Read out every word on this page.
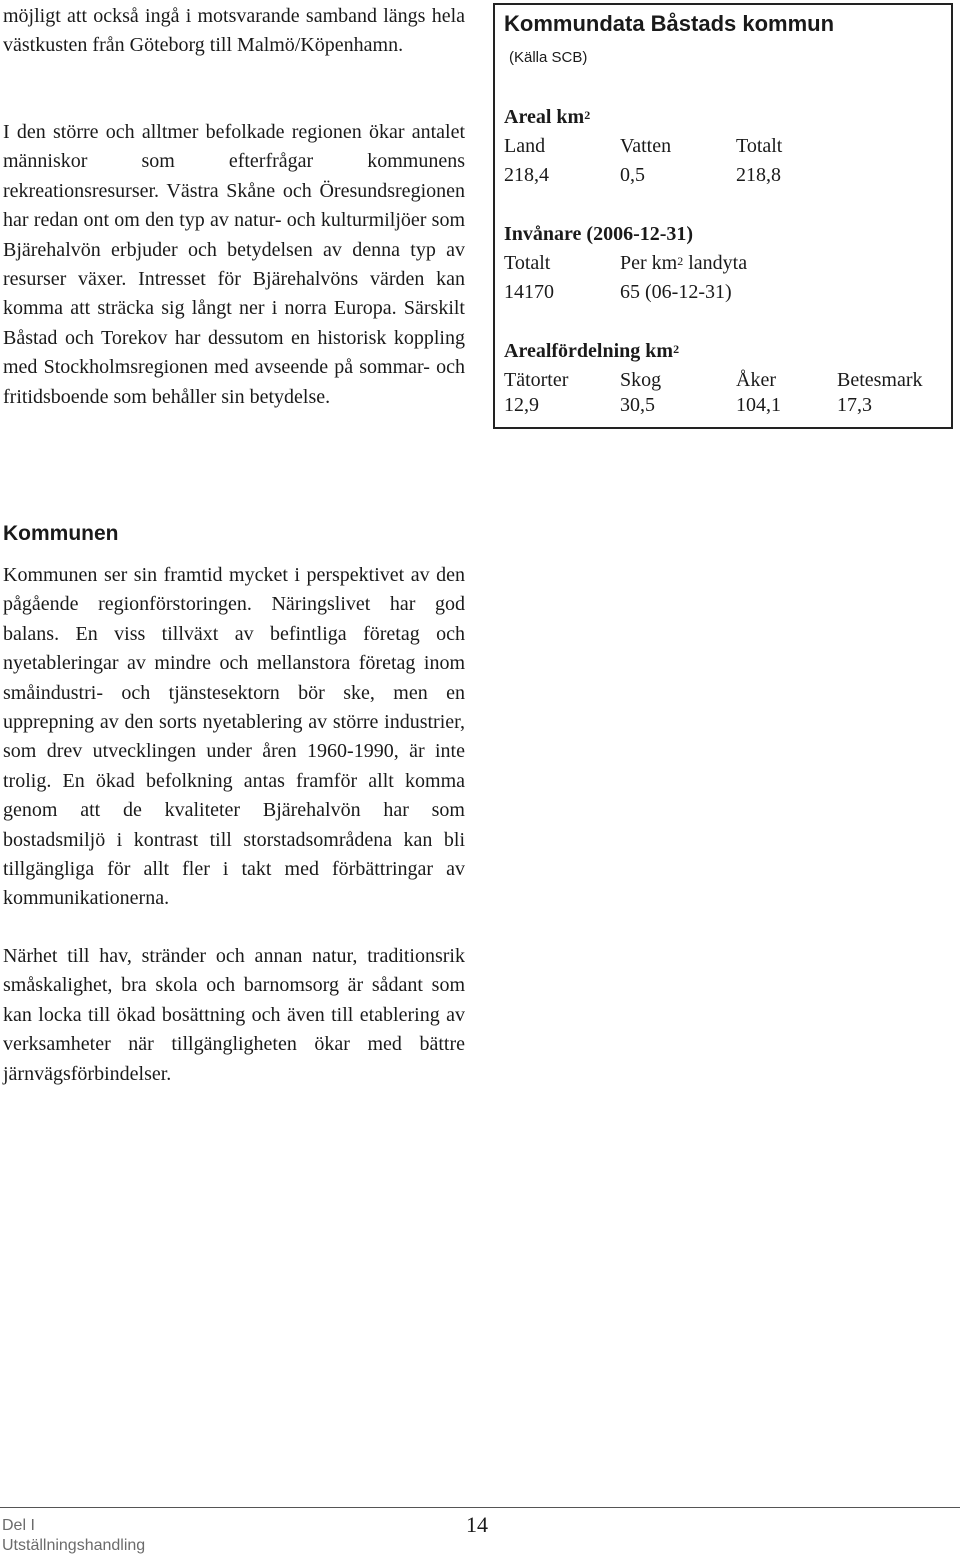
möjligt att också ingå i motsvarande samband längs hela västkusten från Göteborg till Malmö/Köpenhamn.

I den större och alltmer befolkade regionen ökar antalet människor som efterfrågar kommunens rekreationsresurser. Västra Skåne och Öresundsregionen har redan ont om den typ av natur- och kulturmiljöer som Bjärehalvön erbjuder och betydelsen av denna typ av resurser växer. Intresset för Bjärehalvöns värden kan komma att sträcka sig långt ner i norra Europa. Särskilt Båstad och Torekov har dessutom en historisk koppling med Stockholmsregionen med avseende på sommar- och fritidsboende som behåller sin betydelse.

Kommunen

Kommunen ser sin framtid mycket i perspektivet av den pågående regionförstoringen. Näringslivet har god balans. En viss tillväxt av befintliga företag och nyetableringar av mindre och mellanstora företag inom småindustri- och tjänstesektorn bör ske, men en upprepning av den sorts nyetablering av större industrier, som drev utvecklingen under åren 1960-1990, är inte trolig. En ökad befolkning antas framför allt komma genom att de kvaliteter Bjärehalvön har som bostadsmiljö i kontrast till storstadsområdena kan bli tillgängliga för allt fler i takt med förbättringar av kommunikationerna.

Närhet till hav, stränder och annan natur, traditionsrik småskalighet, bra skola och barnomsorg är sådant som kan locka till ökad bosättning och även till etablering av verksamheter när tillgängligheten ökar med bättre järnvägsförbindelser.

Kommundata Båstads kommun
(Källa SCB)
Areal $km^2$
Land	Vatten	Totalt
218,4	0,5	218,8
Invånare (2006-12-31)
Totalt	Per $km^2$ landyta
14170	65 (06-12-31)
Arealfördelning $km^2$
Tätorter	Skog	Åker	Betesmark
12,9	30,5	104,1	17,3
Del I
Utställningshandling
14
